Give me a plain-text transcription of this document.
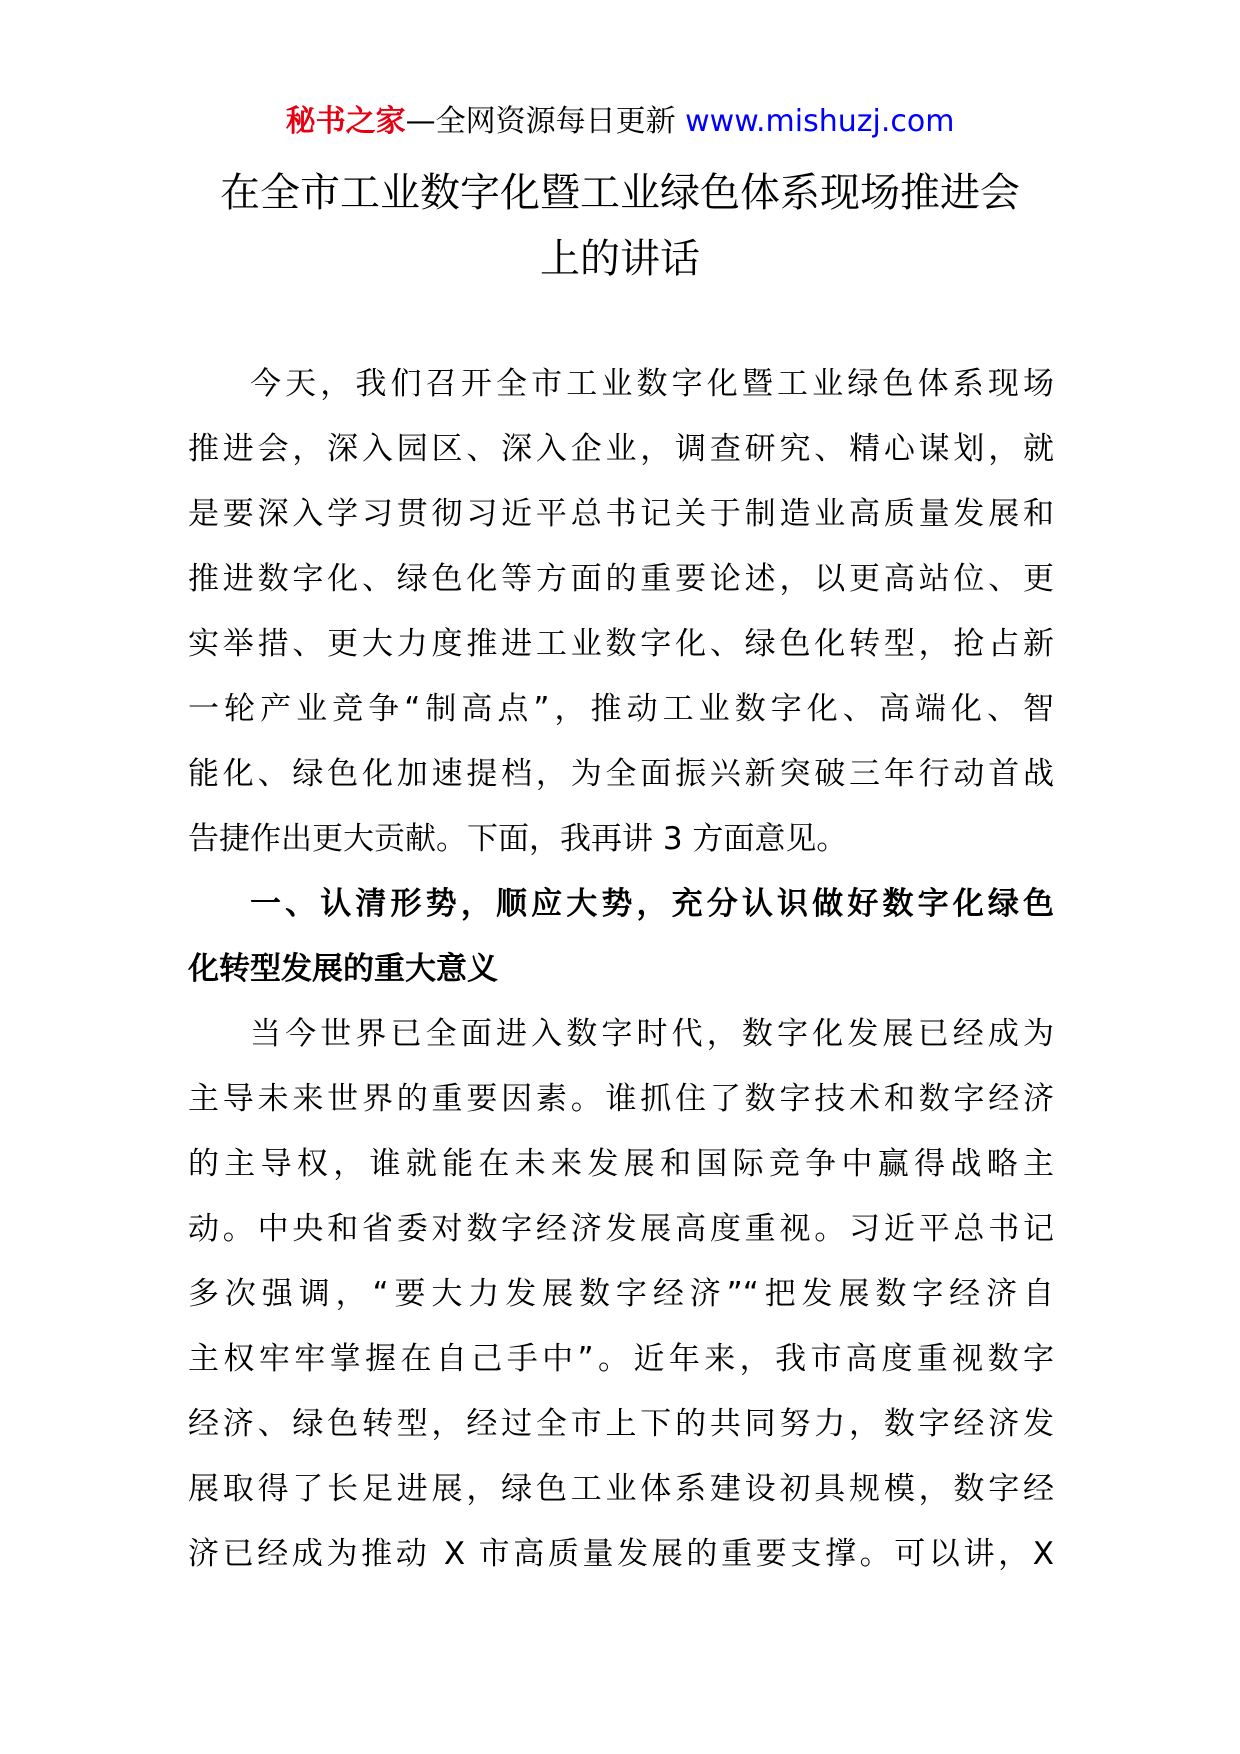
秘书之家—全网资源每日更新 www.mishuzj.com
在全市工业数字化暨工业绿色体系现场推进会
上的讲话
今天，我们召开全市工业数字化暨工业绿色体系现场
推进会，深入园区、深入企业，调查研究、精心谋划，就
是要深入学习贯彻习近平总书记关于制造业高质量发展和
推进数字化、绿色化等方面的重要论述，以更高站位、更
实举措、更大力度推进工业数字化、绿色化转型，抢占新
一轮产业竞争“制高点”，推动工业数字化、高端化、智
能化、绿色化加速提档，为全面振兴新突破三年行动首战
告捷作出更大贡献。下面，我再讲 3 方面意见。
一、认清形势，顺应大势，充分认识做好数字化绿色
化转型发展的重大意义
当今世界已全面进入数字时代，数字化发展已经成为
主导未来世界的重要因素。谁抓住了数字技术和数字经济
的主导权，谁就能在未来发展和国际竞争中赢得战略主
动。中央和省委对数字经济发展高度重视。习近平总书记
多次强调，“要大力发展数字经济”“把发展数字经济自
主权牢牢掌握在自己手中”。近年来，我市高度重视数字
经济、绿色转型，经过全市上下的共同努力，数字经济发
展取得了长足进展，绿色工业体系建设初具规模，数字经
济已经成为推动 X 市高质量发展的重要支撑。可以讲，X
